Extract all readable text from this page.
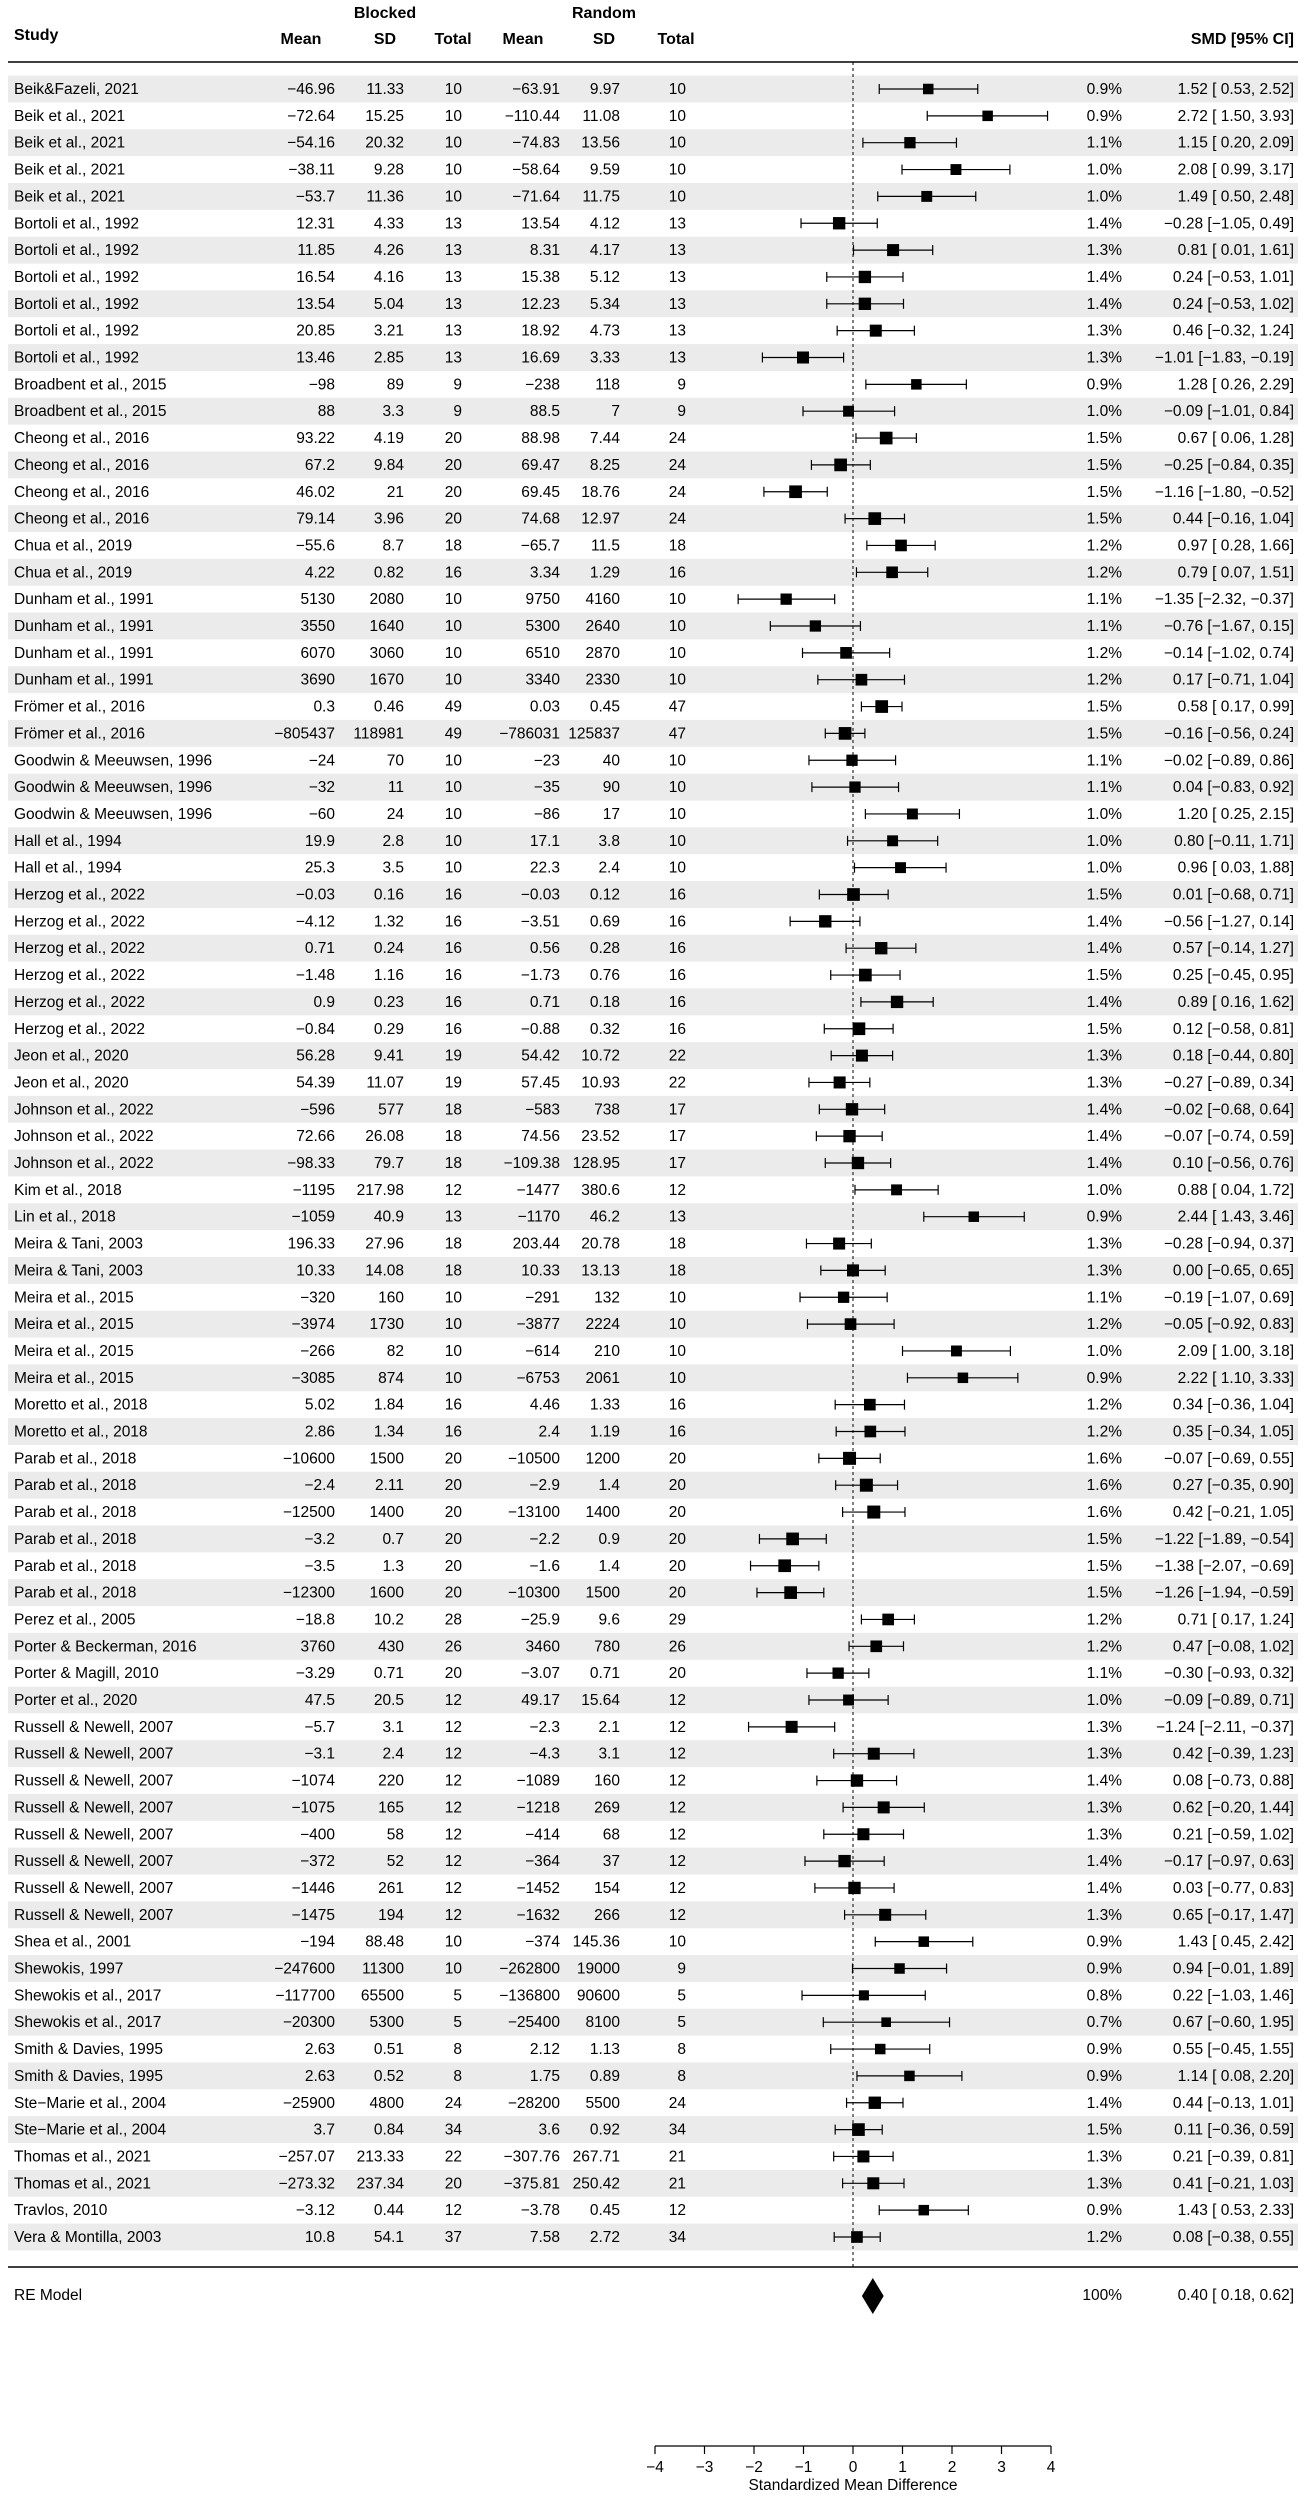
Study
Blocked	Random
Mean	SD Total Mean	SD	Total	SMD [95% CI]
Beik&Fazeli, 2021	−46.96 11.33	10	−63.91 9.97	10	0.9%	1.52 [ 0.53, 2.52]
Beik et al., 2021	−72.64 15.25	10	−110.44 11.08	10	0.9%	2.72 [ 1.50, 3.93]
Beik et al., 2021	−54.16 20.32	10	−74.83 13.56	10	1.1%	1.15 [ 0.20, 2.09]
Beik et al., 2021	−38.11	9.28	10	−58.64 9.59	10	1.0%	2.08 [ 0.99, 3.17]
Beik et al., 2021	−53.7 11.36	10	−71.64 11.75	10	1.0%	1.49 [ 0.50, 2.48]
Bortoli et al., 1992	12.31	4.33	13	13.54 4.12	13	1.4%	−0.28 [−1.05, 0.49]
Bortoli et al., 1992	11.85	4.26	13	8.31 4.17	13	1.3%	0.81 [ 0.01, 1.61]
Bortoli et al., 1992	16.54	4.16	13	15.38 5.12	13	1.4%	0.24 [−0.53, 1.01]
Bortoli et al., 1992	13.54	5.04	13	12.23 5.34	13	1.4%	0.24 [−0.53, 1.02]
Bortoli et al., 1992	20.85	3.21	13	18.92 4.73	13	1.3%	0.46 [−0.32, 1.24]
Bortoli et al., 1992	13.46	2.85	13	16.69 3.33	13	1.3% −1.01 [−1.83, −0.19]
Broadbent et al., 2015	−98	89	9	−238 118	9	0.9%	1.28 [ 0.26, 2.29]
Broadbent et al., 2015	88	3.3	9	88.5	7	9	1.0%	−0.09 [−1.01, 0.84]
Cheong et al., 2016	93.22	4.19	20	88.98 7.44	24	1.5%	0.67 [ 0.06, 1.28]
Cheong et al., 2016	67.2	9.84	20	69.47 8.25	24	1.5%	−0.25 [−0.84, 0.35]
Cheong et al., 2016	46.02	21	20	69.45 18.76	24	1.5% −1.16 [−1.80, −0.52]
Cheong et al., 2016	79.14	3.96	20	74.68 12.97	24	1.5%	0.44 [−0.16, 1.04]
Chua et al., 2019	−55.6	8.7	18	−65.7 11.5	18	1.2%	0.97 [ 0.28, 1.66]
Chua et al., 2019	4.22	0.82	16	3.34 1.29	16	1.2%	0.79 [ 0.07, 1.51]
Dunham et al., 1991	5130 2080	10	9750 4160	10	1.1% −1.35 [−2.32, −0.37]
Dunham et al., 1991	3550 1640	10	5300 2640	10	1.1%	−0.76 [−1.67, 0.15]
Dunham et al., 1991	6070 3060	10	6510 2870	10	1.2%	−0.14 [−1.02, 0.74]
Dunham et al., 1991	3690 1670	10	3340 2330	10	1.2%	0.17 [−0.71, 1.04]
Frömer et al., 2016	0.3	0.46	49	0.03 0.45	47	1.5%	0.58 [ 0.17, 0.99]
Frömer et al., 2016	−805437 118981	49 −786031 125837	47	1.5%	−0.16 [−0.56, 0.24]
Goodwin & Meeuwsen, 1996	−24	70	10	−23	40	10	1.1%	−0.02 [−0.89, 0.86]
Goodwin & Meeuwsen, 1996	−32	11	10	−35	90	10	1.1%	0.04 [−0.83, 0.92]
Goodwin & Meeuwsen, 1996	−60	24	10	−86	17	10	1.0%	1.20 [ 0.25, 2.15]
Hall et al., 1994	19.9	2.8	10	17.1 3.8	10	1.0%	0.80 [−0.11, 1.71]
Hall et al., 1994	25.3	3.5	10	22.3 2.4	10	1.0%	0.96 [ 0.03, 1.88]
Herzog et al., 2022	−0.03	0.16	16	−0.03 0.12	16	1.5%	0.01 [−0.68, 0.71]
Herzog et al., 2022	−4.12	1.32	16	−3.51 0.69	16	1.4%	−0.56 [−1.27, 0.14]
Herzog et al., 2022	0.71	0.24	16	0.56 0.28	16	1.4%	0.57 [−0.14, 1.27]
Herzog et al., 2022	−1.48	1.16	16	−1.73 0.76	16	1.5%	0.25 [−0.45, 0.95]
Herzog et al., 2022	0.9	0.23	16	0.71 0.18	16	1.4%	0.89 [ 0.16, 1.62]
Herzog et al., 2022	−0.84	0.29	16	−0.88 0.32	16	1.5%	0.12 [−0.58, 0.81]
Jeon et al., 2020	56.28	9.41	19	54.42 10.72	22	1.3%	0.18 [−0.44, 0.80]
Jeon et al., 2020	54.39 11.07	19	57.45 10.93	22	1.3%	−0.27 [−0.89, 0.34]
Johnson et al., 2022	−596	577	18	−583 738	17	1.4%	−0.02 [−0.68, 0.64]
Johnson et al., 2022	72.66 26.08	18	74.56 23.52	17	1.4%	−0.07 [−0.74, 0.59]
Johnson et al., 2022	−98.33	79.7	18	−109.38 128.95	17	1.4%	0.10 [−0.56, 0.76]
Kim et al., 2018	−1195 217.98	12	−1477 380.6	12	1.0%	0.88 [ 0.04, 1.72]
Lin et al., 2018	−1059	40.9	13	−1170 46.2	13	0.9%	2.44 [ 1.43, 3.46]
Meira & Tani, 2003	196.33 27.96	18	203.44 20.78	18	1.3%	−0.28 [−0.94, 0.37]
Meira & Tani, 2003	10.33 14.08	18	10.33 13.13	18	1.3%	0.00 [−0.65, 0.65]
Meira et al., 2015	−320	160	10	−291 132	10	1.1%	−0.19 [−1.07, 0.69]
Meira et al., 2015	−3974 1730	10	−3877 2224	10	1.2%	−0.05 [−0.92, 0.83]
Meira et al., 2015	−266	82	10	−614 210	10	1.0%	2.09 [ 1.00, 3.18]
Meira et al., 2015	−3085	874	10	−6753 2061	10	0.9%	2.22 [ 1.10, 3.33]
Moretto et al., 2018	5.02	1.84	16	4.46 1.33	16	1.2%	0.34 [−0.36, 1.04]
Moretto et al., 2018	2.86	1.34	16	2.4 1.19	16	1.2%	0.35 [−0.34, 1.05]
Parab et al., 2018	−10600 1500	20	−10500 1200	20	1.6%	−0.07 [−0.69, 0.55]
Parab et al., 2018	−2.4	2.11	20	−2.9 1.4	20	1.6%	0.27 [−0.35, 0.90]
Parab et al., 2018	−12500 1400	20	−13100 1400	20	1.6%	0.42 [−0.21, 1.05]
Parab et al., 2018	−3.2	0.7	20	−2.2 0.9	20	1.5% −1.22 [−1.89, −0.54]
Parab et al., 2018	−3.5	1.3	20	−1.6 1.4	20	1.5% −1.38 [−2.07, −0.69]
Parab et al., 2018	−12300 1600	20	−10300 1500	20	1.5% −1.26 [−1.94, −0.59]
Perez et al., 2005	−18.8	10.2	28	−25.9 9.6	29	1.2%	0.71 [ 0.17, 1.24]
Porter & Beckerman, 2016	3760	430	26	3460 780	26	1.2%	0.47 [−0.08, 1.02]
Porter & Magill, 2010	−3.29	0.71	20	−3.07 0.71	20	1.1%	−0.30 [−0.93, 0.32]
Porter et al., 2020	47.5	20.5	12	49.17 15.64	12	1.0%	−0.09 [−0.89, 0.71]
Russell & Newell, 2007	−5.7	3.1	12	−2.3 2.1	12	1.3% −1.24 [−2.11, −0.37]
Russell & Newell, 2007	−3.1	2.4	12	−4.3 3.1	12	1.3%	0.42 [−0.39, 1.23]
Russell & Newell, 2007	−1074	220	12	−1089 160	12	1.4%	0.08 [−0.73, 0.88]
Russell & Newell, 2007	−1075	165	12	−1218 269	12	1.3%	0.62 [−0.20, 1.44]
Russell & Newell, 2007	−400	58	12	−414	68	12	1.3%	0.21 [−0.59, 1.02]
Russell & Newell, 2007	−372	52	12	−364	37	12	1.4%	−0.17 [−0.97, 0.63]
Russell & Newell, 2007	−1446	261	12	−1452 154	12	1.4%	0.03 [−0.77, 0.83]
Russell & Newell, 2007	−1475	194	12	−1632 266	12	1.3%	0.65 [−0.17, 1.47]
Shea et al., 2001	−194 88.48	10	−374 145.36	10	0.9%	1.43 [ 0.45, 2.42]
Shewokis, 1997	−247600 11300	10 −262800 19000	9	0.9%	0.94 [−0.01, 1.89]
Shewokis et al., 2017	−117700 65500	5 −136800 90600	5	0.8%	0.22 [−1.03, 1.46]
Shewokis et al., 2017	−20300 5300	5	−25400 8100	5	0.7%	0.67 [−0.60, 1.95]
Smith & Davies, 1995	2.63	0.51	8	2.12 1.13	8	0.9%	0.55 [−0.45, 1.55]
Smith & Davies, 1995	2.63	0.52	8	1.75 0.89	8	0.9%	1.14 [ 0.08, 2.20]
Ste−Marie et al., 2004	−25900 4800	24	−28200 5500	24	1.4%	0.44 [−0.13, 1.01]
Ste−Marie et al., 2004	3.7	0.84	34	3.6 0.92	34	1.5%	0.11 [−0.36, 0.59]
Thomas et al., 2021	−257.07 213.33	22	−307.76 267.71	21	1.3%	0.21 [−0.39, 0.81]
Thomas et al., 2021	−273.32 237.34	20	−375.81 250.42	21	1.3%	0.41 [−0.21, 1.03]
Travlos, 2010	−3.12	0.44	12	−3.78 0.45	12	0.9%	1.43 [ 0.53, 2.33]
Vera & Montilla, 2003	10.8	54.1	37	7.58 2.72	34	1.2%	0.08 [−0.38, 0.55]
RE Model	100%	0.40 [ 0.18, 0.62]
−4 −3 −2 −1 0	1	2	3	4
Standardized Mean Difference
